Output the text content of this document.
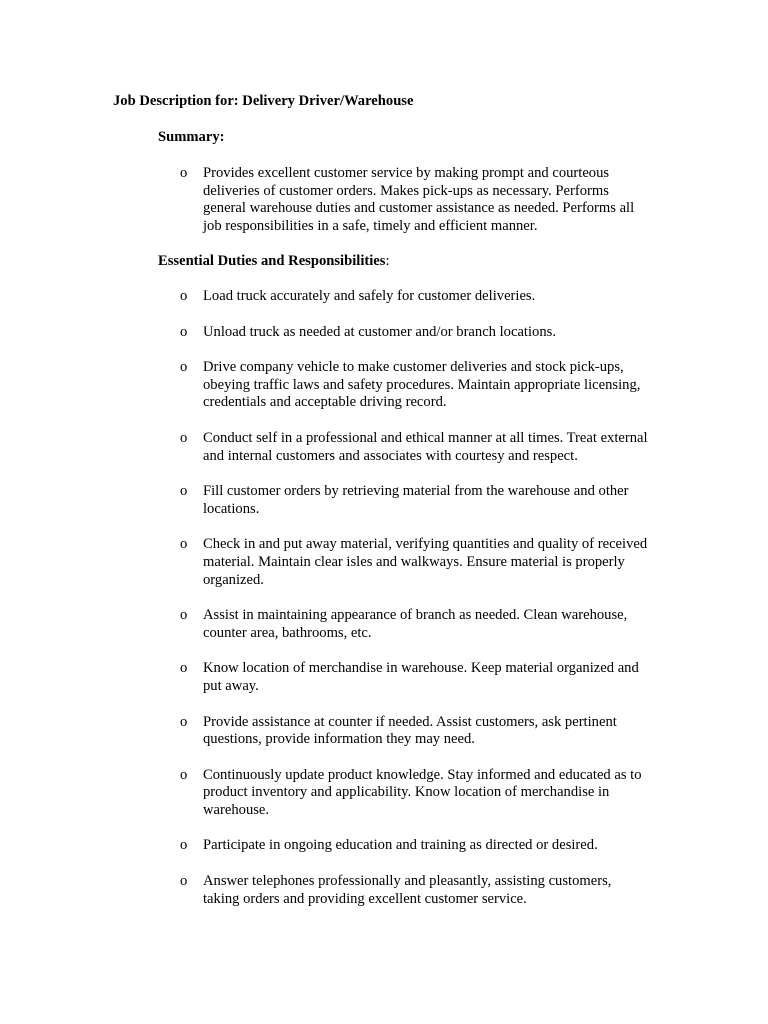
Job Description for: Delivery Driver/Warehouse
Summary:
o Provides excellent customer service by making prompt and courteous deliveries of customer orders. Makes pick-ups as necessary. Performs general warehouse duties and customer assistance as needed. Performs all job responsibilities in a safe, timely and efficient manner.
Essential Duties and Responsibilities:
o Load truck accurately and safely for customer deliveries.
o Unload truck as needed at customer and/or branch locations.
o Drive company vehicle to make customer deliveries and stock pick-ups, obeying traffic laws and safety procedures. Maintain appropriate licensing, credentials and acceptable driving record.
o Conduct self in a professional and ethical manner at all times. Treat external and internal customers and associates with courtesy and respect.
o Fill customer orders by retrieving material from the warehouse and other locations.
o Check in and put away material, verifying quantities and quality of received material. Maintain clear isles and walkways. Ensure material is properly organized.
o Assist in maintaining appearance of branch as needed. Clean warehouse, counter area, bathrooms, etc.
o Know location of merchandise in warehouse. Keep material organized and put away.
o Provide assistance at counter if needed. Assist customers, ask pertinent questions, provide information they may need.
o Continuously update product knowledge. Stay informed and educated as to product inventory and applicability. Know location of merchandise in warehouse.
o Participate in ongoing education and training as directed or desired.
o Answer telephones professionally and pleasantly, assisting customers, taking orders and providing excellent customer service.
